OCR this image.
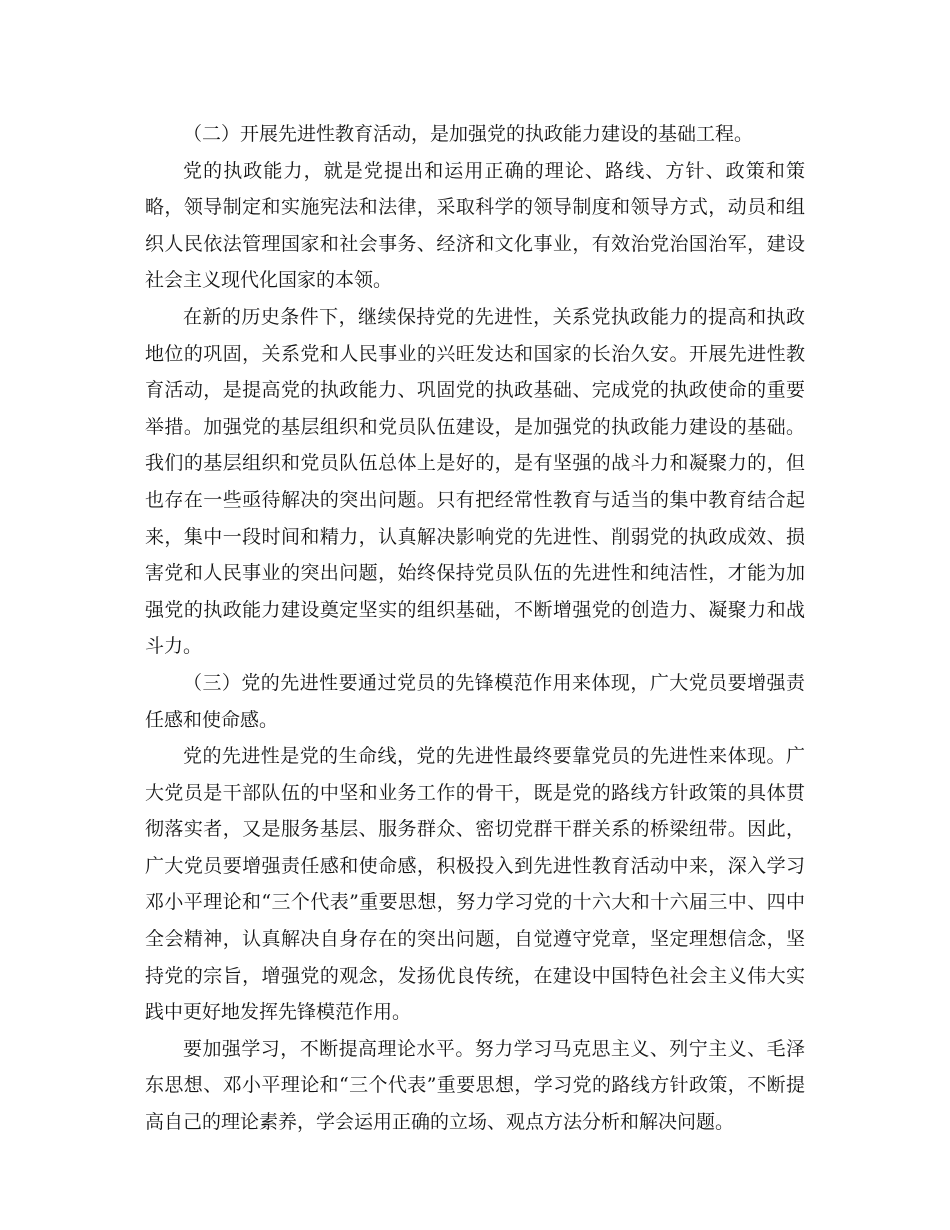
（二）开展先进性教育活动，是加强党的执政能力建设的基础工程。

党的执政能力，就是党提出和运用正确的理论、路线、方针、政策和策略，领导制定和实施宪法和法律，采取科学的领导制度和领导方式，动员和组织人民依法管理国家和社会事务、经济和文化事业，有效治党治国治军，建设社会主义现代化国家的本领。

在新的历史条件下，继续保持党的先进性，关系党执政能力的提高和执政地位的巩固，关系党和人民事业的兴旺发达和国家的长治久安。开展先进性教育活动，是提高党的执政能力、巩固党的执政基础、完成党的执政使命的重要举措。加强党的基层组织和党员队伍建设，是加强党的执政能力建设的基础。我们的基层组织和党员队伍总体上是好的，是有坚强的战斗力和凝聚力的，但也存在一些亟待解决的突出问题。只有把经常性教育与适当的集中教育结合起来，集中一段时间和精力，认真解决影响党的先进性、削弱党的执政成效、损害党和人民事业的突出问题，始终保持党员队伍的先进性和纯洁性，才能为加强党的执政能力建设奠定坚实的组织基础，不断增强党的创造力、凝聚力和战斗力。

（三）党的先进性要通过党员的先锋模范作用来体现，广大党员要增强责任感和使命感。

党的先进性是党的生命线，党的先进性最终要靠党员的先进性来体现。广大党员是干部队伍的中坚和业务工作的骨干，既是党的路线方针政策的具体贯彻落实者，又是服务基层、服务群众、密切党群干群关系的桥梁纽带。因此，广大党员要增强责任感和使命感，积极投入到先进性教育活动中来，深入学习邓小平理论和“三个代表”重要思想，努力学习党的十六大和十六届三中、四中全会精神，认真解决自身存在的突出问题，自觉遵守党章，坚定理想信念，坚持党的宗旨，增强党的观念，发扬优良传统，在建设中国特色社会主义伟大实践中更好地发挥先锋模范作用。

要加强学习，不断提高理论水平。努力学习马克思主义、列宁主义、毛泽东思想、邓小平理论和“三个代表”重要思想，学习党的路线方针政策，不断提高自己的理论素养，学会运用正确的立场、观点方法分析和解决问题。
